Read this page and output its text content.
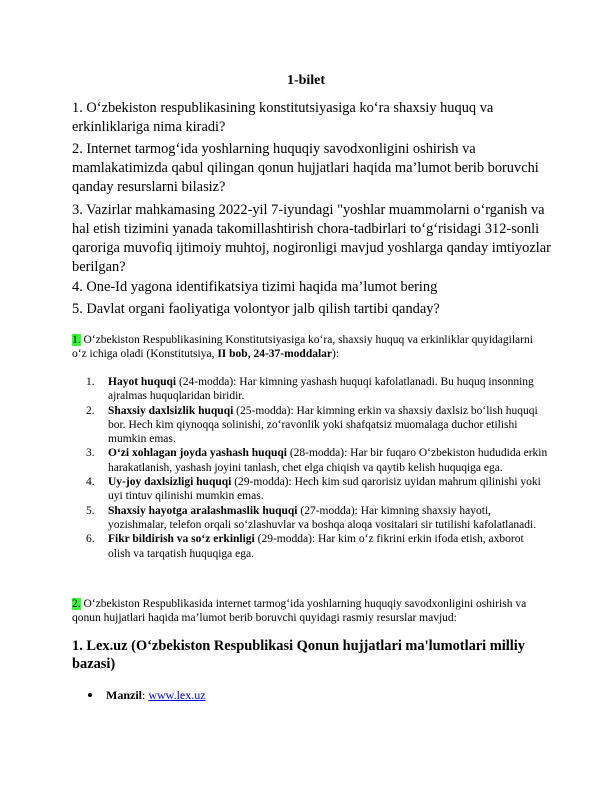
1-bilet
1. O‘zbekiston respublikasining konstitutsiyasiga ko‘ra shaxsiy huquq va erkinliklariga nima kiradi?
2. Internet tarmog‘ida yoshlarning huquqiy savodxonligini oshirish va mamlakatimizda qabul qilingan qonun hujjatlari haqida ma’lumot berib boruvchi qanday resurslarni bilasiz?
3. Vazirlar mahkamasing 2022-yil 7-iyundagi "yoshlar muammolarni o‘rganish va hal etish tizimini yanada takomillashtirish chora-tadbirlari to‘g‘risidagi 312-sonli qaroriga muvofiq ijtimoiy muhtoj, nogironligi mavjud yoshlarga qanday imtiyozlar berilgan?
4. One-Id yagona identifikatsiya tizimi haqida ma’lumot bering
5. Davlat organi faoliyatiga volontyor jalb qilish tartibi qanday?
1. O‘zbekiston Respublikasining Konstitutsiyasiga ko‘ra, shaxsiy huquq va erkinliklar quyidagilarni o‘z ichiga oladi (Konstitutsiya, II bob, 24-37-moddalar):
1. Hayot huquqi (24-modda): Har kimning yashash huquqi kafolatlanadi. Bu huquq insonning ajralmas huquqlaridan biridir.
2. Shaxsiy daxlsizlik huquqi (25-modda): Har kimning erkin va shaxsiy daxlsiz bo‘lish huquqi bor. Hech kim qiynoqqa solinishi, zo‘ravonlik yoki shafqatsiz muomalaga duchor etilishi mumkin emas.
3. O‘zi xohlagan joyda yashash huquqi (28-modda): Har bir fuqaro O‘zbekiston hududida erkin harakatlanish, yashash joyini tanlash, chet elga chiqish va qaytib kelish huquqiga ega.
4. Uy-joy daxlsizligi huquqi (29-modda): Hech kim sud qarorisiz uyidan mahrum qilinishi yoki uyi tintuv qilinishi mumkin emas.
5. Shaxsiy hayotga aralashmaslik huquqi (27-modda): Har kimning shaxsiy hayoti, yozishmalar, telefon orqali so‘zlashuvlar va boshqa aloqa vositalari sir tutilishi kafolatlanadi.
6. Fikr bildirish va so‘z erkinligi (29-modda): Har kim o‘z fikrini erkin ifoda etish, axborot olish va tarqatish huquqiga ega.
2. O‘zbekiston Respublikasida internet tarmog‘ida yoshlarning huquqiy savodxonligini oshirish va qonun hujjatlari haqida ma’lumot berib boruvchi quyidagi rasmiy resurslar mavjud:
1. Lex.uz (O‘zbekiston Respublikasi Qonun hujjatlari ma'lumotlari milliy bazasi)
Manzil: www.lex.uz
